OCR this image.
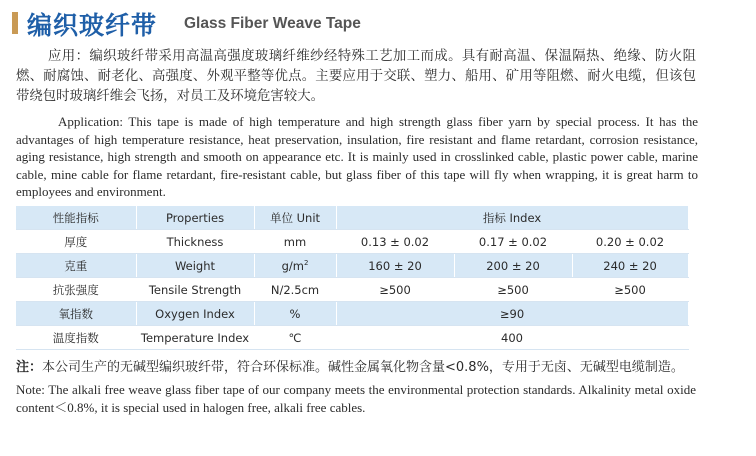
编织玻纤带 Glass Fiber Weave Tape
应用：编织玻纤带采用高温高强度玻璃纤维纱经特殊工艺加工而成。具有耐高温、保温隔热、绝缘、防火阻燃、耐腐蚀、耐老化、高强度、外观平整等优点。主要应用于交联、塑力、船用、矿用等阻燃、耐火电缆，但该包带绕包时玻璃纤维会飞扬，对员工及环境危害较大。
Application: This tape is made of high temperature and high strength glass fiber yarn by special process. It has the advantages of high temperature resistance, heat preservation, insulation, fire resistant and flame retardant, corrosion resistance, aging resistance, high strength and smooth on appearance etc. It is mainly used in crosslinked cable, plastic power cable, marine cable, mine cable for flame retardant, fire-resistant cable, but glass fiber of this tape will fly when wrapping, it is great harm to employees and environment.
性能指标	Properties	单位 Unit	指标 Index		
厚度	Thickness	mm	0.13 ± 0.02	0.17 ± 0.02	0.20 ± 0.02
克重	Weight	$g/m^2$	160 ± 20	200 ± 20	240 ± 20
抗张强度	Tensile Strength	N/2.5cm	≥500	≥500	≥500
氧指数	Oxygen Index	%	≥90		
温度指数	Temperature Index	℃	400		
注：本公司生产的无碱型编织玻纤带，符合环保标准。碱性金属氧化物含量<0.8%，专用于无卤、无碱型电缆制造。
Note: The alkali free weave glass fiber tape of our company meets the environmental protection standards. Alkalinity metal oxide content＜0.8%, it is special used in halogen free, alkali free cables.
